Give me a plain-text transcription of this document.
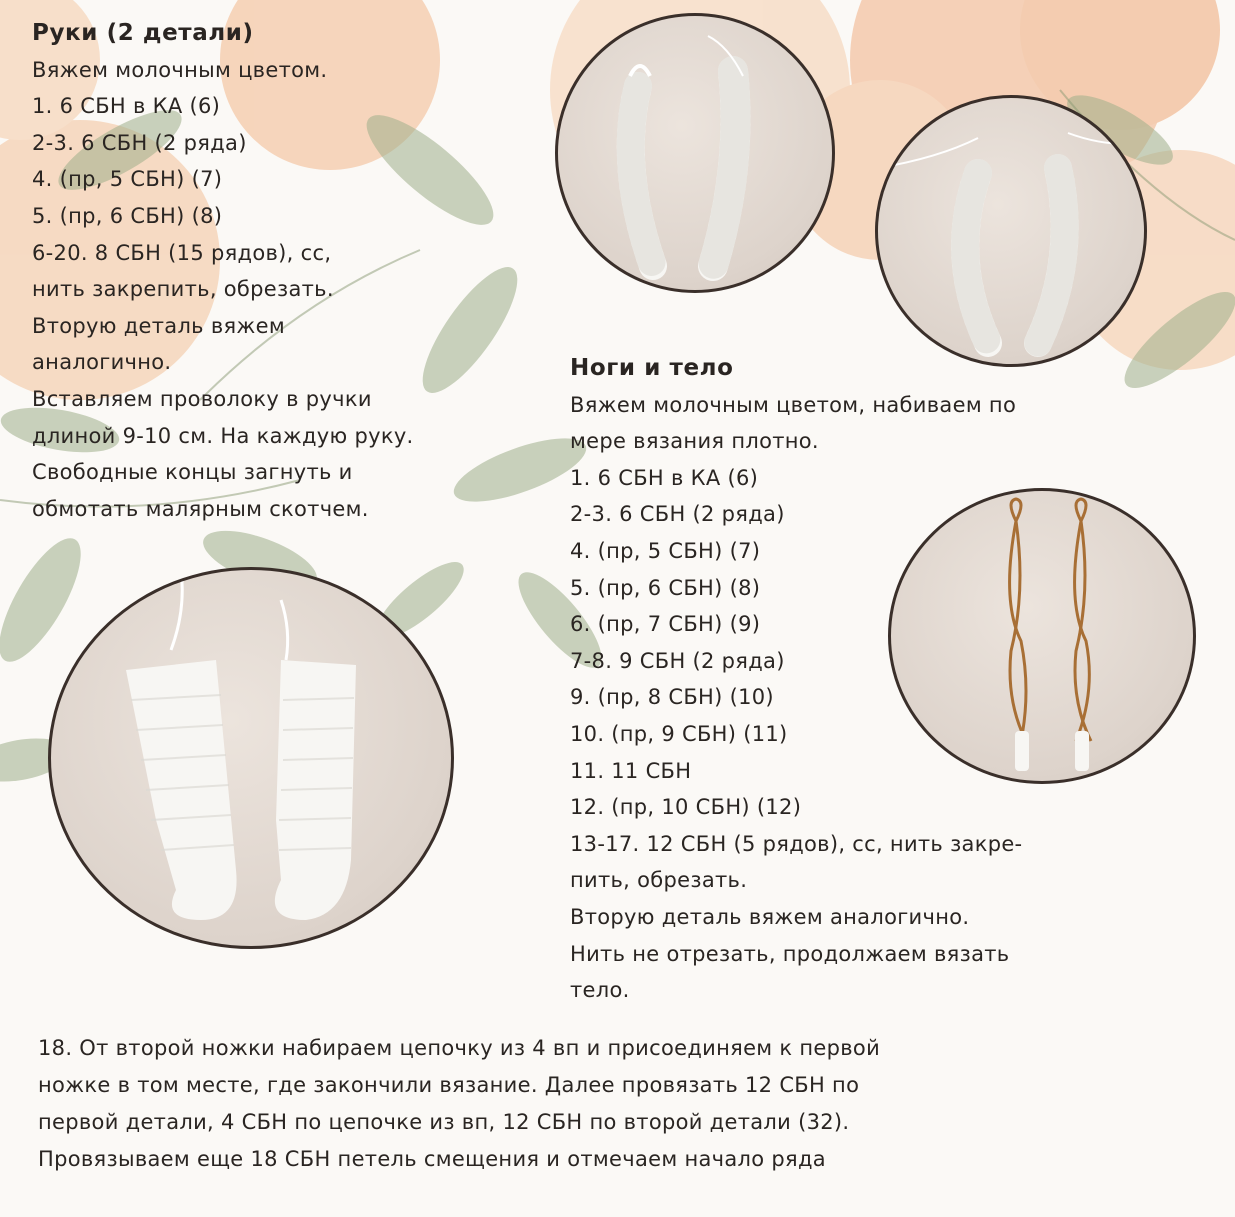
Руки (2 детали)
Вяжем молочным цветом.
1. 6 СБН в КА (6)
2-3. 6 СБН (2 ряда)
4. (пр, 5 СБН) (7)
5. (пр, 6 СБН) (8)
6-20. 8 СБН (15 рядов), сс,
нить закрепить, обрезать.
Вторую деталь вяжем
аналогично.
Вставляем проволоку в ручки
длиной 9-10 см. На каждую руку.
Свободные концы загнуть и
обмотать малярным скотчем.
Ноги и тело
Вяжем молочным цветом, набиваем по
мере вязания плотно.
1. 6 СБН в КА (6)
2-3. 6 СБН (2 ряда)
4. (пр, 5 СБН) (7)
5. (пр, 6 СБН) (8)
6. (пр, 7 СБН) (9)
7-8. 9 СБН (2 ряда)
9. (пр, 8 СБН) (10)
10. (пр, 9 СБН) (11)
11. 11 СБН
12. (пр, 10 СБН) (12)
13-17. 12 СБН (5 рядов), сс, нить закре-
пить, обрезать.
Вторую деталь вяжем аналогично.
Нить не отрезать, продолжаем вязать
тело.
18. От второй ножки набираем цепочку из 4 вп и присоединяем к первой
ножке в том месте, где закончили вязание. Далее провязать 12 СБН по
первой детали, 4 СБН по цепочке из вп, 12 СБН по второй детали (32).
Провязываем еще 18 СБН петель смещения и отмечаем начало ряда
